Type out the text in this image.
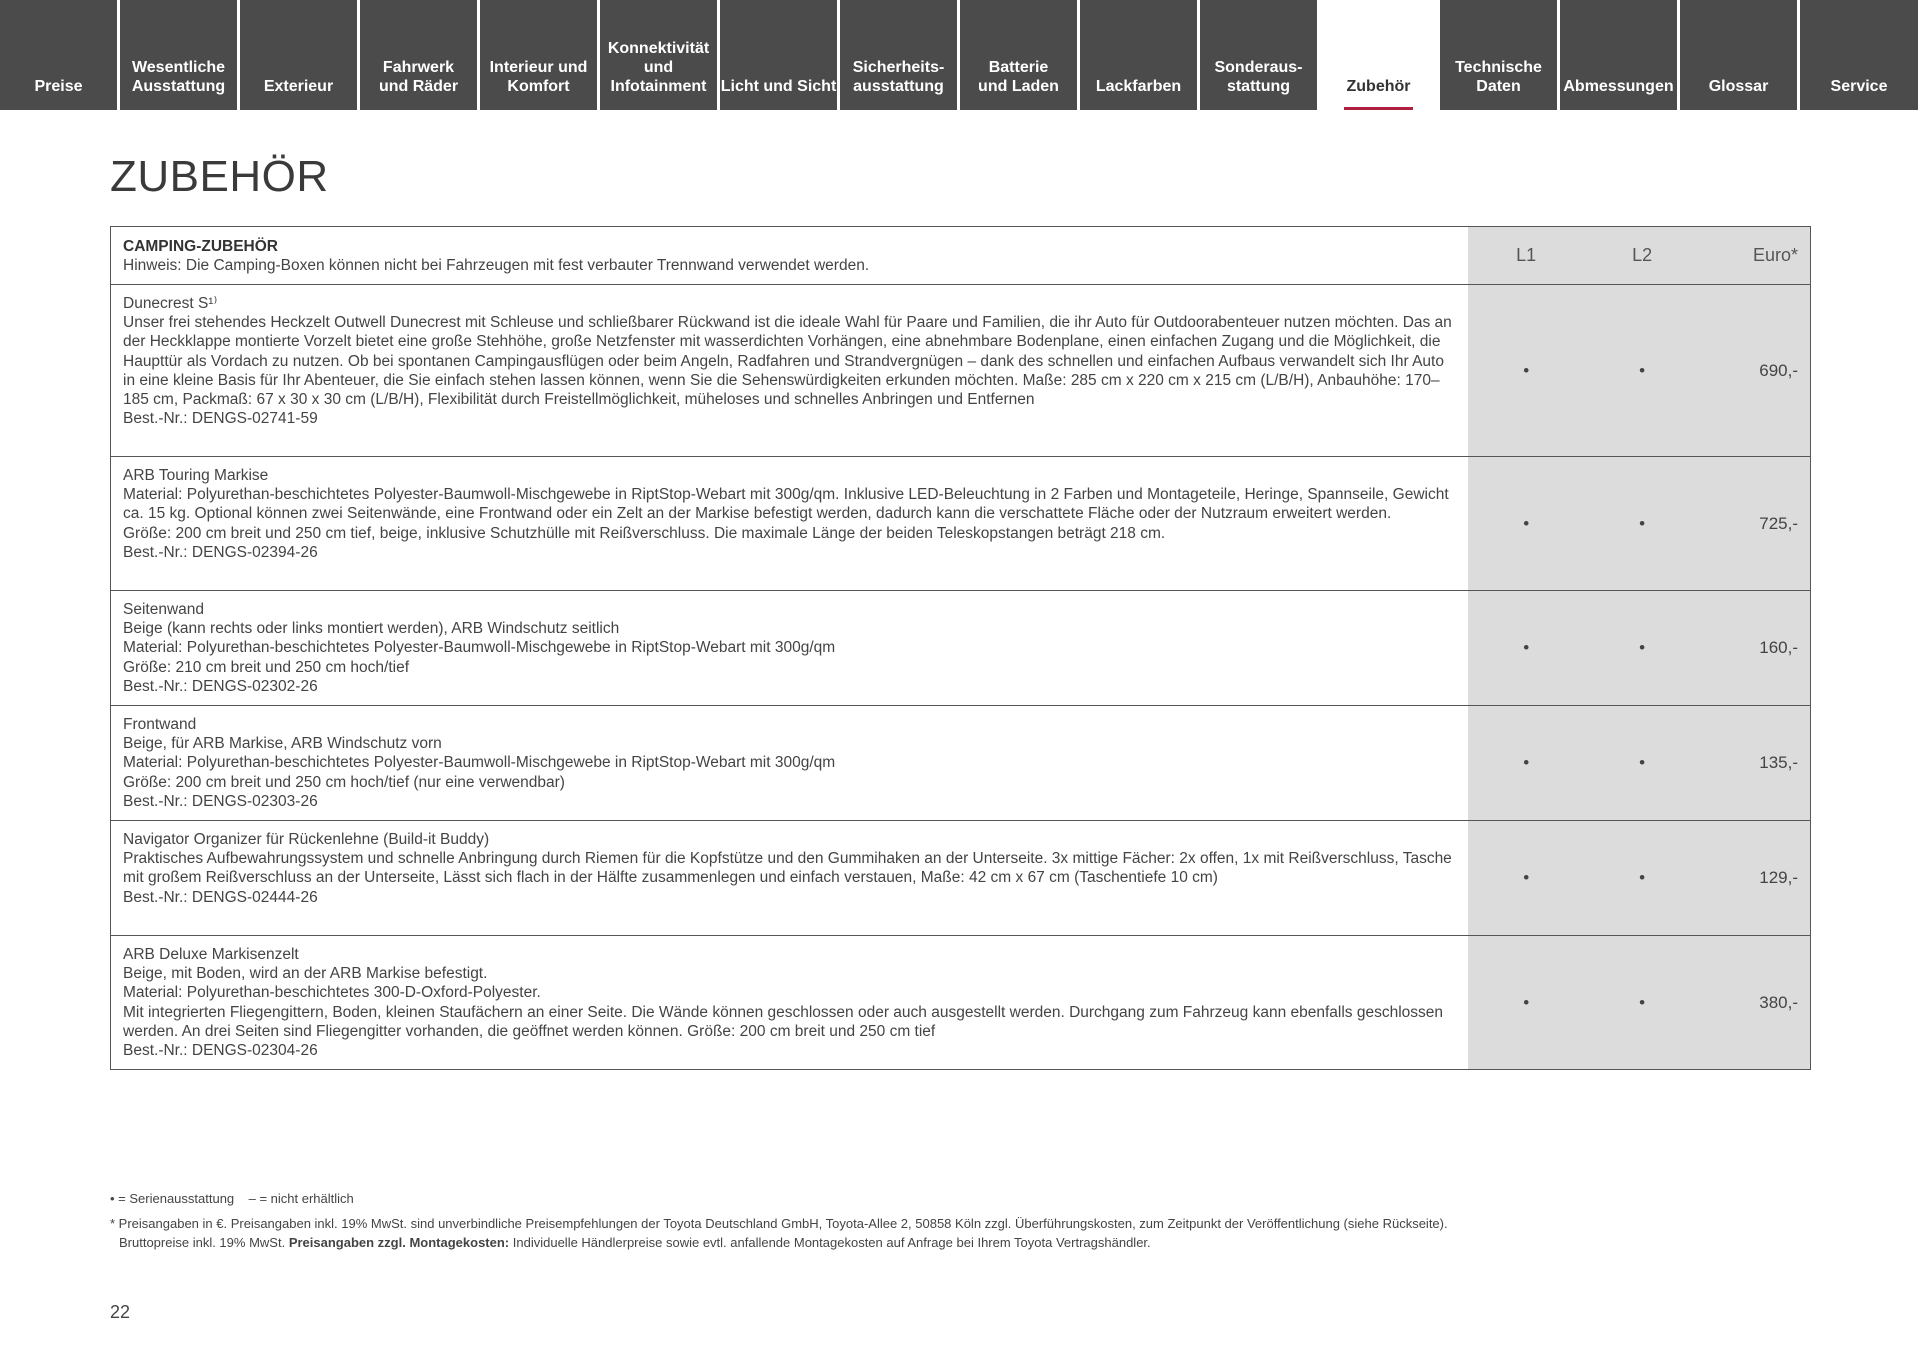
Preise
Wesentliche
Ausstattung	Exterieur
Fahrwerk
und Räder
Interieur und
Komfort
Konnektivität
und
Infotainment Licht und Sicht
Sicherheits-
ausstattung
Batterie
und Laden	Lackfarben
Sonderaus-
stattung	Zubehör
Technische
Daten	Abmessungen	Glossar	Service
ZUBEHÖR
CAMPING-ZUBEHÖR
Hinweis: Die Camping-Boxen können nicht bei Fahrzeugen mit fest verbauter Trennwand verwendet werden.
L1	L2	Euro*
Dunecrest S¹⁾
Unser frei stehendes Heckzelt Outwell Dunecrest mit Schleuse und schließbarer Rückwand ist die ideale Wahl für Paare und Familien, die ihr Auto für Outdoorabenteuer nutzen möchten. Das an der Heckklappe montierte Vorzelt bietet eine große Stehhöhe, große Netzfenster mit wasserdichten Vorhängen, eine abnehmbare Bodenplane, einen einfachen Zugang und die Möglichkeit, die Haupttür als Vordach zu nutzen. Ob bei spontanen Campingausflügen oder beim Angeln, Radfahren und Strandvergnügen – dank des schnellen und einfachen Aufbaus verwandelt sich Ihr Auto in eine kleine Basis für Ihr Abenteuer, die Sie einfach stehen lassen können, wenn Sie die Sehenswürdigkeiten erkunden möchten. Maße: 285 cm x 220 cm x 215 cm (L/B/H), Anbauhöhe: 170–185 cm, Packmaß: 67 x 30 x 30 cm (L/B/H), Flexibilität durch Freistellmöglichkeit, müheloses und schnelles Anbringen und Entfernen
Best.-Nr.: DENGS-02741-59
•	•	690,-
ARB Touring Markise
Material: Polyurethan-beschichtetes Polyester-Baumwoll-Mischgewebe in RiptStop-Webart mit 300g/qm. Inklusive LED-Beleuchtung in 2 Farben und Montageteile, Heringe, Spannseile, Gewicht ca. 15 kg. Optional können zwei Seitenwände, eine Frontwand oder ein Zelt an der Markise befestigt werden, dadurch kann die verschattete Fläche oder der Nutzraum erweitert werden.
Größe: 200 cm breit und 250 cm tief, beige, inklusive Schutzhülle mit Reißverschluss. Die maximale Länge der beiden Teleskopstangen beträgt 218 cm.
Best.-Nr.: DENGS-02394-26
•	•	725,-
Seitenwand
Beige (kann rechts oder links montiert werden), ARB Windschutz seitlich
Material: Polyurethan-beschichtetes Polyester-Baumwoll-Mischgewebe in RiptStop-Webart mit 300g/qm
Größe: 210 cm breit und 250 cm hoch/tief
Best.-Nr.: DENGS-02302-26
•	•	160,-
Frontwand
Beige, für ARB Markise, ARB Windschutz vorn
Material: Polyurethan-beschichtetes Polyester-Baumwoll-Mischgewebe in RiptStop-Webart mit 300g/qm
Größe: 200 cm breit und 250 cm hoch/tief (nur eine verwendbar)
Best.-Nr.: DENGS-02303-26
•	•	135,-
Navigator Organizer für Rückenlehne (Build-it Buddy)
Praktisches Aufbewahrungssystem und schnelle Anbringung durch Riemen für die Kopfstütze und den Gummihaken an der Unterseite. 3x mittige Fächer: 2x offen, 1x mit Reißverschluss, Tasche mit großem Reißverschluss an der Unterseite, Lässt sich flach in der Hälfte zusammenlegen und einfach verstauen, Maße: 42 cm x 67 cm (Taschentiefe 10 cm)
Best.-Nr.: DENGS-02444-26
•	•	129,-
ARB Deluxe Markisenzelt
Beige, mit Boden, wird an der ARB Markise befestigt.
Material: Polyurethan-beschichtetes 300-D-Oxford-Polyester.
Mit integrierten Fliegengittern, Boden, kleinen Staufächern an einer Seite. Die Wände können geschlossen oder auch ausgestellt werden. Durchgang zum Fahrzeug kann ebenfalls geschlossen werden. An drei Seiten sind Fliegengitter vorhanden, die geöffnet werden können. Größe: 200 cm breit und 250 cm tief
Best.-Nr.: DENGS-02304-26
•	•	380,-
• = Serienausstattung    – = nicht erhältlich
* Preisangaben in €. Preisangaben inkl. 19% MwSt. sind unverbindliche Preisempfehlungen der Toyota Deutschland GmbH, Toyota-Allee 2, 50858 Köln zzgl. Überführungskosten, zum Zeitpunkt der Veröffentlichung (siehe Rückseite).
Bruttopreise inkl. 19% MwSt. Preisangaben zzgl. Montagekosten: Individuelle Händlerpreise sowie evtl. anfallende Montagekosten auf Anfrage bei Ihrem Toyota Vertragshändler.
22
